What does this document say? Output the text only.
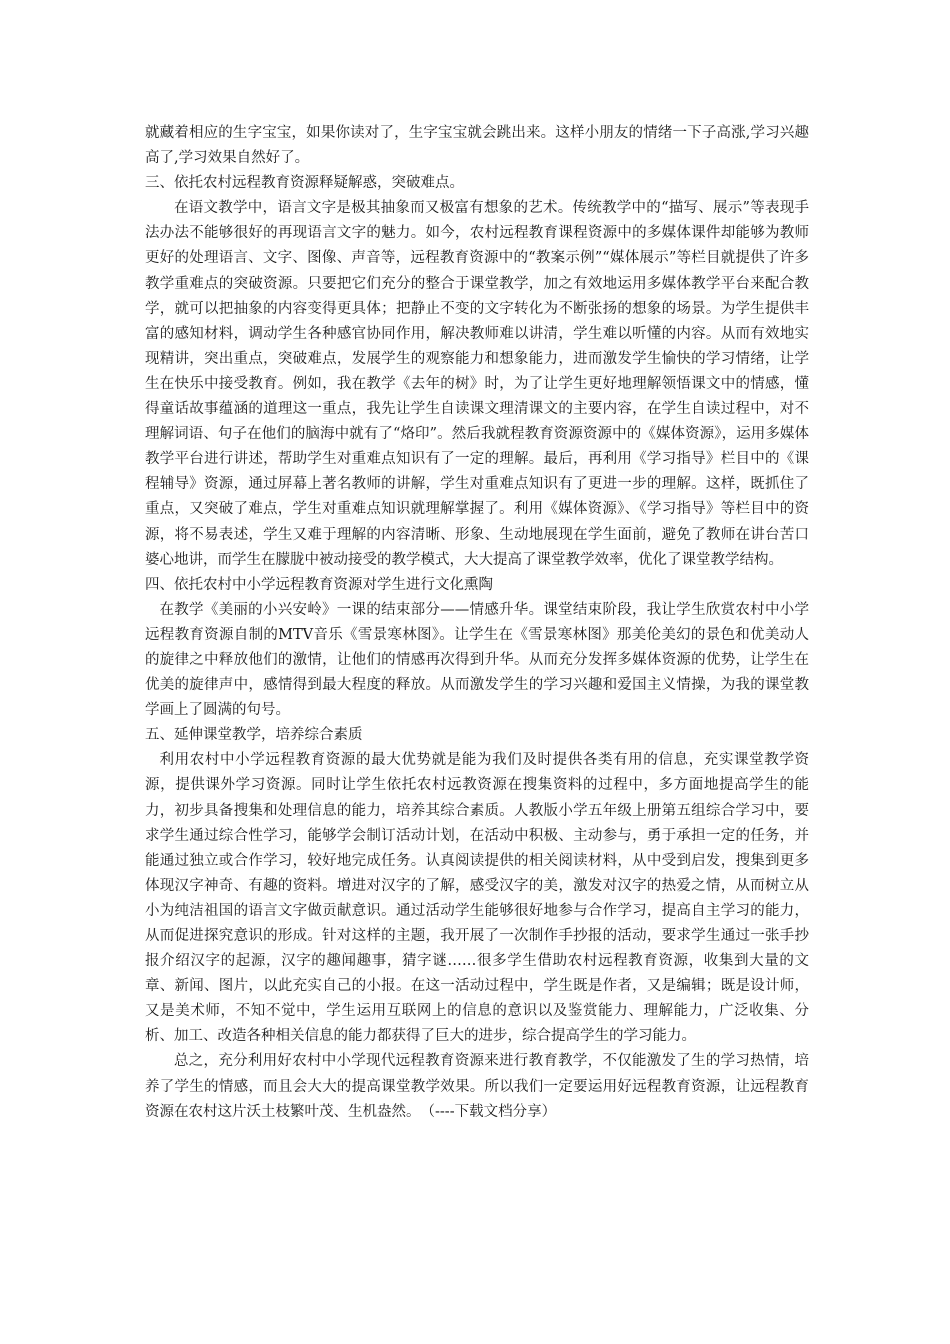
就藏着相应的生字宝宝，如果你读对了，生字宝宝就会跳出来。这样小朋友的情绪一下子高涨,学习兴趣高了,学习效果自然好了。

三、依托农村远程教育资源释疑解惑，突破难点。

在语文教学中，语言文字是极其抽象而又极富有想象的艺术。传统教学中的“描写、展示”等表现手法办法不能够很好的再现语言文字的魅力。如今，农村远程教育课程资源中的多媒体课件却能够为教师更好的处理语言、文字、图像、声音等，远程教育资源中的“教案示例”“媒体展示”等栏目就提供了许多教学重难点的突破资源。只要把它们充分的整合于课堂教学，加之有效地运用多媒体教学平台来配合教学，就可以把抽象的内容变得更具体；把静止不变的文字转化为不断张扬的想象的场景。为学生提供丰富的感知材料，调动学生各种感官协同作用，解决教师难以讲清，学生难以听懂的内容。从而有效地实现精讲，突出重点，突破难点，发展学生的观察能力和想象能力，进而激发学生愉快的学习情绪，让学生在快乐中接受教育。例如，我在教学《去年的树》时，为了让学生更好地理解领悟课文中的情感，懂得童话故事蕴涵的道理这一重点，我先让学生自读课文理清课文的主要内容，在学生自读过程中，对不理解词语、句子在他们的脑海中就有了“烙印”。然后我就程教育资源资源中的《媒体资源》，运用多媒体教学平台进行讲述，帮助学生对重难点知识有了一定的理解。最后，再利用《学习指导》栏目中的《课程辅导》资源，通过屏幕上著名教师的讲解，学生对重难点知识有了更进一步的理解。这样，既抓住了重点，又突破了难点，学生对重难点知识就理解掌握了。利用《媒体资源》、《学习指导》等栏目中的资源，将不易表述，学生又难于理解的内容清晰、形象、生动地展现在学生面前，避免了教师在讲台苦口婆心地讲，而学生在朦胧中被动接受的教学模式，大大提高了课堂教学效率，优化了课堂教学结构。

四、依托农村中小学远程教育资源对学生进行文化熏陶

在教学《美丽的小兴安岭》一课的结束部分——情感升华。课堂结束阶段，我让学生欣赏农村中小学远程教育资源自制的MTV音乐《雪景寒林图》。让学生在《雪景寒林图》那美伦美幻的景色和优美动人的旋律之中释放他们的激情，让他们的情感再次得到升华。从而充分发挥多媒体资源的优势，让学生在优美的旋律声中，感情得到最大程度的释放。从而激发学生的学习兴趣和爱国主义情操，为我的课堂教学画上了圆满的句号。

五、延伸课堂教学，培养综合素质

利用农村中小学远程教育资源的最大优势就是能为我们及时提供各类有用的信息，充实课堂教学资源，提供课外学习资源。同时让学生依托农村远教资源在搜集资料的过程中，多方面地提高学生的能力，初步具备搜集和处理信息的能力，培养其综合素质。人教版小学五年级上册第五组综合学习中，要求学生通过综合性学习，能够学会制订活动计划，在活动中积极、主动参与，勇于承担一定的任务，并能通过独立或合作学习，较好地完成任务。认真阅读提供的相关阅读材料，从中受到启发，搜集到更多体现汉字神奇、有趣的资料。增进对汉字的了解，感受汉字的美，激发对汉字的热爱之情，从而树立从小为纯洁祖国的语言文字做贡献意识。通过活动学生能够很好地参与合作学习，提高自主学习的能力，从而促进探究意识的形成。针对这样的主题，我开展了一次制作手抄报的活动，要求学生通过一张手抄报介绍汉字的起源，汉字的趣闻趣事，猜字谜……很多学生借助农村远程教育资源，收集到大量的文章、新闻、图片，以此充实自己的小报。在这一活动过程中，学生既是作者，又是编辑；既是设计师，又是美术师，不知不觉中，学生运用互联网上的信息的意识以及鉴赏能力、理解能力，广泛收集、分析、加工、改造各种相关信息的能力都获得了巨大的进步，综合提高学生的学习能力。

总之，充分利用好农村中小学现代远程教育资源来进行教育教学，不仅能激发了生的学习热情，培养了学生的情感，而且会大大的提高课堂教学效果。所以我们一定要运用好远程教育资源，让远程教育资源在农村这片沃土枝繁叶茂、生机盎然。　（----下载文档分享）
